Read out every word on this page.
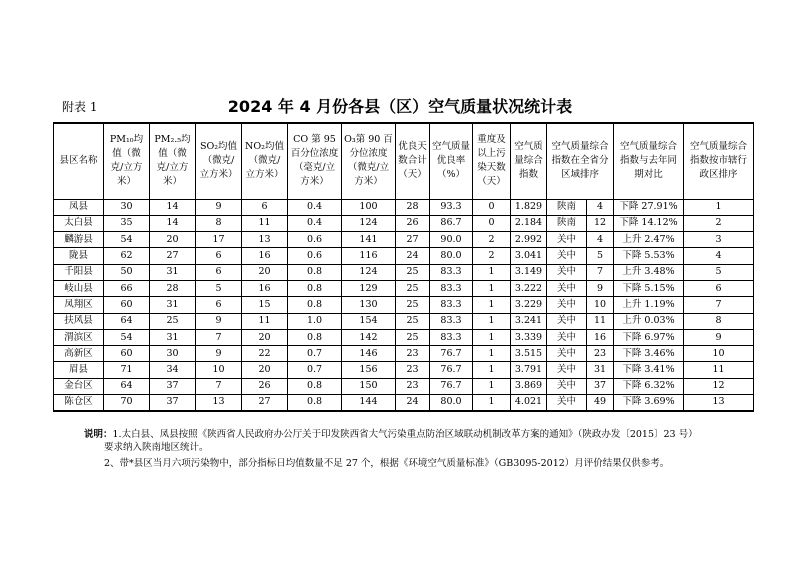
附表 1	2024 年 4 月份各县（区）空气质量状况统计表
县区名称	PM₁₀均值（微克/立方米）	PM₂.₅均值（微克/立方米）	SO₂均值（微克/立方米）	NO₂均值（微克/立方米）	CO 第 95 百分位浓度（毫克/立方米）	O₃第 90 百分位浓度（微克/立方米）	优良天数合计（天）	空气质量优良率（%）	重度及以上污染天数（天）	空气质量综合指数	空气质量综合指数在全省分区域排序		空气质量综合指数与去年同期对比	空气质量综合指数按市辖行政区排序
凤县	30	14	9	6	0.4	100	28	93.3	0	1.829	陕南	4	下降 27.91%	1
太白县	35	14	8	11	0.4	124	26	86.7	0	2.184	陕南	12	下降 14.12%	2
麟游县	54	20	17	13	0.6	141	27	90.0	2	2.992	关中	4	上升 2.47%	3
陇县	62	27	6	16	0.6	116	24	80.0	2	3.041	关中	5	下降 5.53%	4
千阳县	50	31	6	20	0.8	124	25	83.3	1	3.149	关中	7	上升 3.48%	5
岐山县	66	28	5	16	0.8	129	25	83.3	1	3.222	关中	9	下降 5.15%	6
凤翔区	60	31	6	15	0.8	130	25	83.3	1	3.229	关中	10	上升 1.19%	7
扶风县	64	25	9	11	1.0	154	25	83.3	1	3.241	关中	11	上升 0.03%	8
渭滨区	54	31	7	20	0.8	142	25	83.3	1	3.339	关中	16	下降 6.97%	9
高新区	60	30	9	22	0.7	146	23	76.7	1	3.515	关中	23	下降 3.46%	10
眉县	71	34	10	20	0.7	156	23	76.7	1	3.791	关中	31	下降 3.41%	11
金台区	64	37	7	26	0.8	150	23	76.7	1	3.869	关中	37	下降 6.32%	12
陈仓区	70	37	13	27	0.8	144	24	80.0	1	4.021	关中	49	下降 3.69%	13

说明：1.太白县、凤县按照《陕西省人民政府办公厅关于印发陕西省大气污染重点防治区域联动机制改革方案的通知》（陕政办发〔2015〕23 号）

要求纳入陕南地区统计。

2、带*县区当月六项污染物中，部分指标日均值数量不足 27 个，根据《环境空气质量标准》（GB3095-2012）月评价结果仅供参考。
